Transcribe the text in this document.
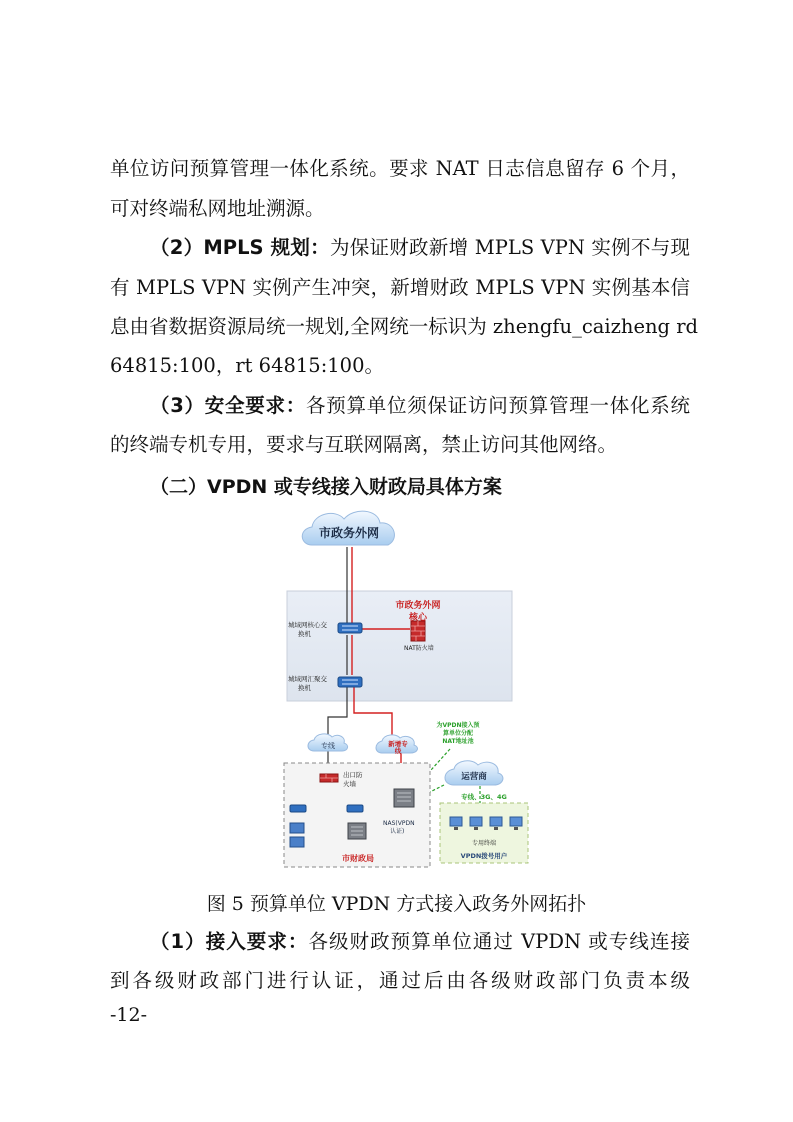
单位访问预算管理一体化系统。要求 NAT 日志信息留存 6 个月，
可对终端私网地址溯源。
（2）MPLS 规划：为保证财政新增 MPLS VPN 实例不与现
有 MPLS VPN 实例产生冲突，新增财政 MPLS VPN 实例基本信
息由省数据资源局统一规划,全网统一标识为 zhengfu_caizheng rd
64815:100，rt 64815:100。
（3）安全要求：各预算单位须保证访问预算管理一体化系统
的终端专机专用，要求与互联网隔离，禁止访问其他网络。
（二）VPDN 或专线接入财政局具体方案
市政务外网
城域网核心交
换机
NAT防火墙
市政务外网
核心
城域网汇聚交
换机
专线	新增专
线
为VPDN接入预
算单位分配
NAT地址池
运营商
出口防
火墙
NAS(VPDN
认证)
市财政局
专线、3G、4G
专用终端
VPDN拨号用户
图 5 预算单位 VPDN 方式接入政务外网拓扑
（1）接入要求：各级财政预算单位通过 VPDN 或专线连接
到各级财政部门进行认证，通过后由各级财政部门负责本级
-12-
